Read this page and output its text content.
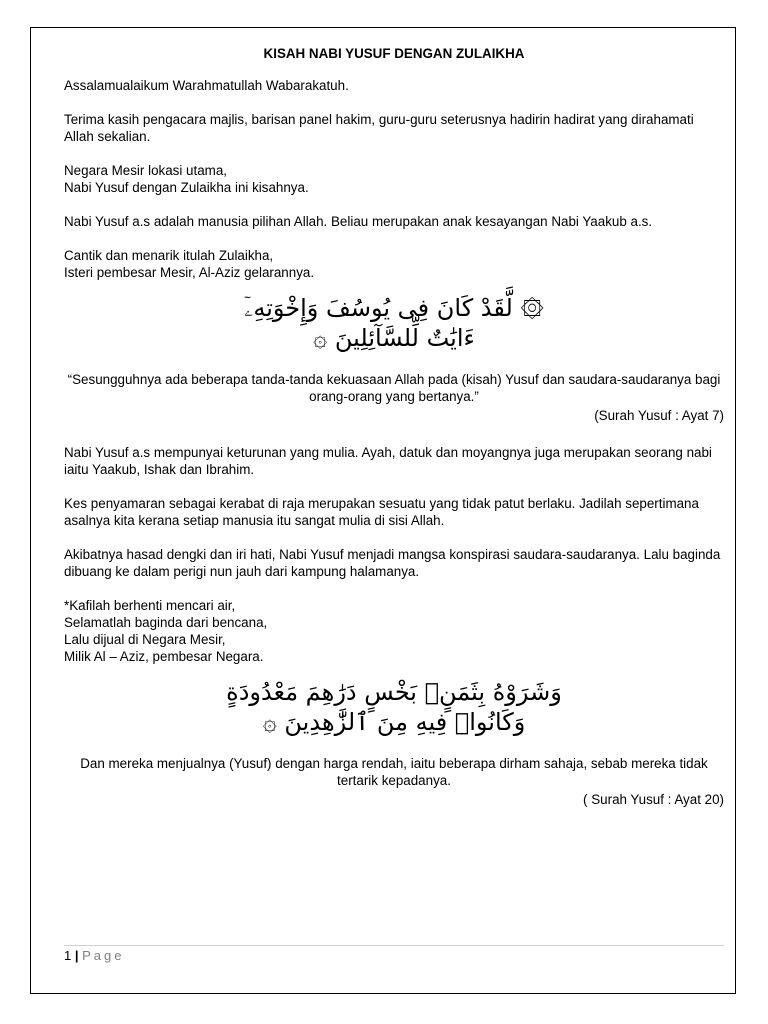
KISAH NABI YUSUF DENGAN ZULAIKHA

Assalamualaikum Warahmatullah Wabarakatuh.

Terima kasih pengacara majlis, barisan panel hakim, guru-guru seterusnya hadirin hadirat yang dirahamati Allah sekalian.

Negara Mesir lokasi utama,
Nabi Yusuf dengan Zulaikha ini kisahnya.

Nabi Yusuf a.s adalah manusia pilihan Allah. Beliau merupakan anak kesayangan Nabi Yaakub a.s.

Cantik dan menarik itulah Zulaikha,
Isteri pembesar Mesir, Al-Aziz gelarannya.

۞ لَّقَدْ كَانَ فِى يُوسُفَ وَإِخْوَتِهِۦٓ
ءَايَٰتٌ لِّلسَّآئِلِينَ ۞

“Sesungguhnya ada beberapa tanda-tanda kekuasaan Allah pada (kisah) Yusuf dan saudara-saudaranya bagi orang-orang yang bertanya.”

(Surah Yusuf : Ayat 7)

Nabi Yusuf a.s mempunyai keturunan yang mulia. Ayah, datuk dan moyangnya juga merupakan seorang nabi iaitu Yaakub, Ishak dan Ibrahim.

Kes penyamaran sebagai kerabat di raja merupakan sesuatu yang tidak patut berlaku. Jadilah sepertimana asalnya kita kerana setiap manusia itu sangat mulia di sisi Allah.

Akibatnya hasad dengki dan iri hati, Nabi Yusuf menjadi mangsa konspirasi saudara-saudaranya. Lalu baginda dibuang ke dalam perigi nun jauh dari kampung halamanya.

*Kafilah berhenti mencari air,
Selamatlah baginda dari bencana,
Lalu dijual di Negara Mesir,
Milik Al – Aziz, pembesar Negara.

وَشَرَوْهُ بِثَمَنٍۭ بَخْسٍ دَرَٰهِمَ مَعْدُودَةٍ
وَكَانُوا۟ فِيهِ مِنَ ٱلزَّٰهِدِينَ ۞

Dan mereka menjualnya (Yusuf) dengan harga rendah, iaitu beberapa dirham sahaja, sebab mereka tidak tertarik kepadanya.

( Surah Yusuf : Ayat 20)

1 | Page
